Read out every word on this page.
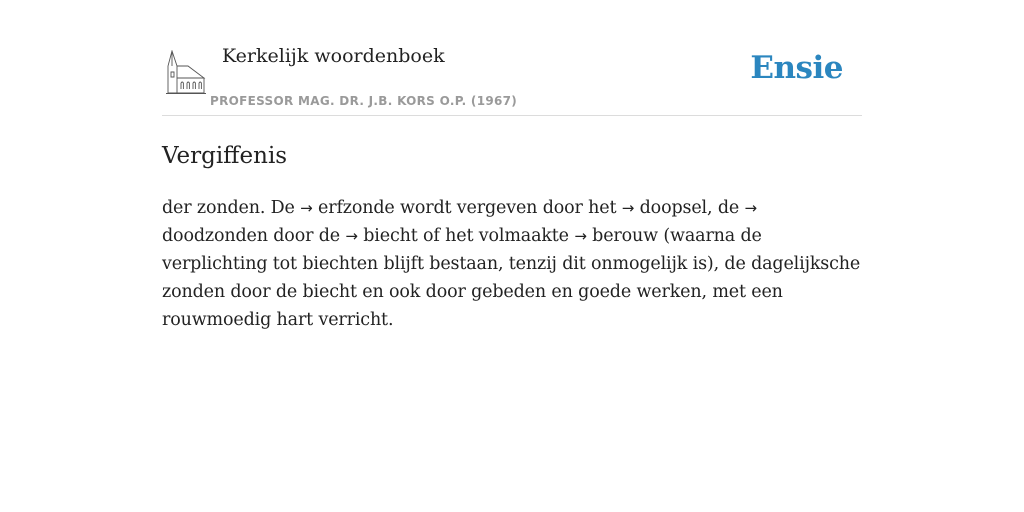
Kerkelijk woordenboek
PROFESSOR MAG. DR. J.B. KORS O.P. (1967)
Ensie
Vergiffenis

der zonden. De → erfzonde wordt vergeven door het → doopsel, de → doodzonden door de → biecht of het volmaakte → berouw (waarna de verplichting tot biechten blijft bestaan, tenzij dit onmogelijk is), de dagelijksche zonden door de biecht en ook door gebeden en goede werken, met een rouwmoedig hart verricht.
